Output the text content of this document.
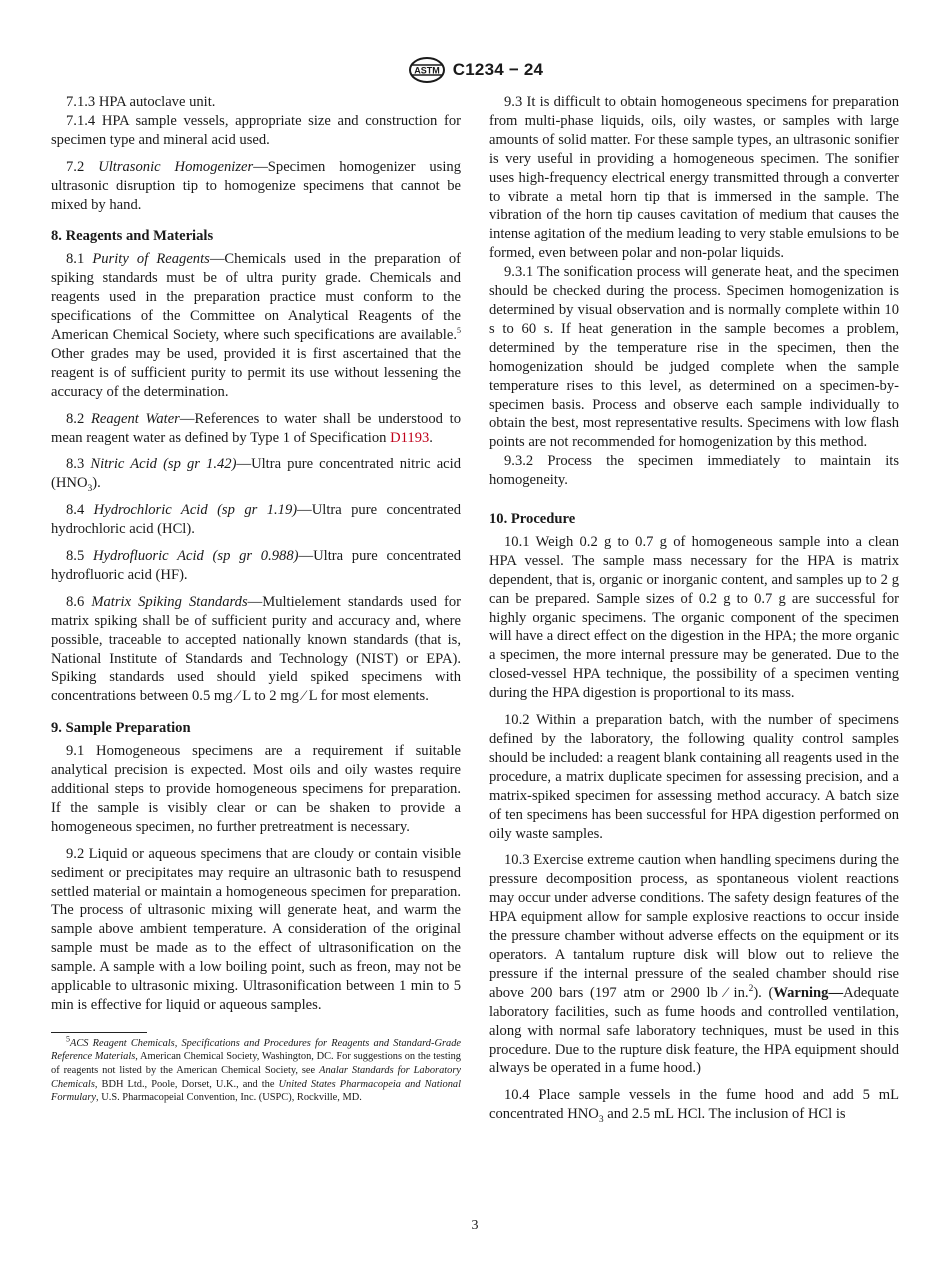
ASTM C1234 − 24

7.1.3 HPA autoclave unit.

7.1.4 HPA sample vessels, appropriate size and construction for specimen type and mineral acid used.

7.2 Ultrasonic Homogenizer—Specimen homogenizer using ultrasonic disruption tip to homogenize specimens that cannot be mixed by hand.

8. Reagents and Materials

8.1 Purity of Reagents—Chemicals used in the preparation of spiking standards must be of ultra purity grade. Chemicals and reagents used in the preparation practice must conform to the specifications of the Committee on Analytical Reagents of the American Chemical Society, where such specifications are available.$^5$ Other grades may be used, provided it is first ascertained that the reagent is of sufficient purity to permit its use without lessening the accuracy of the determination.

8.2 Reagent Water—References to water shall be understood to mean reagent water as defined by Type 1 of Specification D1193.

8.3 Nitric Acid (sp gr 1.42)—Ultra pure concentrated nitric acid $(HNO_3)$.

8.4 Hydrochloric Acid (sp gr 1.19)—Ultra pure concentrated hydrochloric acid (HCl).

8.5 Hydrofluoric Acid (sp gr 0.988)—Ultra pure concentrated hydrofluoric acid (HF).

8.6 Matrix Spiking Standards—Multielement standards used for matrix spiking shall be of sufficient purity and accuracy and, where possible, traceable to accepted nationally known standards (that is, National Institute of Standards and Technology (NIST) or EPA). Spiking standards used should yield spiked specimens with concentrations between 0.5 mg ⁄ L to 2 mg ⁄ L for most elements.

9. Sample Preparation

9.1 Homogeneous specimens are a requirement if suitable analytical precision is expected. Most oils and oily wastes require additional steps to provide homogeneous specimens for preparation. If the sample is visibly clear or can be shaken to provide a homogeneous specimen, no further pretreatment is necessary.

9.2 Liquid or aqueous specimens that are cloudy or contain visible sediment or precipitates may require an ultrasonic bath to resuspend settled material or maintain a homogeneous specimen for preparation. The process of ultrasonic mixing will generate heat, and warm the sample above ambient temperature. A consideration of the original sample must be made as to the effect of ultrasonification on the sample. A sample with a low boiling point, such as freon, may not be applicable to ultrasonic mixing. Ultrasonification between 1 min to 5 min is effective for liquid or aqueous samples.

$^5$ACS Reagent Chemicals, Specifications and Procedures for Reagents and Standard-Grade Reference Materials, American Chemical Society, Washington, DC. For suggestions on the testing of reagents not listed by the American Chemical Society, see Analar Standards for Laboratory Chemicals, BDH Ltd., Poole, Dorset, U.K., and the United States Pharmacopeia and National Formulary, U.S. Pharmacopeial Convention, Inc. (USPC), Rockville, MD.

9.3 It is difficult to obtain homogeneous specimens for preparation from multi-phase liquids, oils, oily wastes, or samples with large amounts of solid matter. For these sample types, an ultrasonic sonifier is very useful in providing a homogeneous specimen. The sonifier uses high-frequency electrical energy transmitted through a converter to vibrate a metal horn tip that is immersed in the sample. The vibration of the horn tip causes cavitation of medium that causes the intense agitation of the medium leading to very stable emulsions to be formed, even between polar and non-polar liquids.

9.3.1 The sonification process will generate heat, and the specimen should be checked during the process. Specimen homogenization is determined by visual observation and is normally complete within 10 s to 60 s. If heat generation in the sample becomes a problem, determined by the temperature rise in the specimen, then the homogenization should be judged complete when the sample temperature rises to this level, as determined on a specimen-by-specimen basis. Process and observe each sample individually to obtain the best, most representative results. Specimens with low flash points are not recommended for homogenization by this method.

9.3.2 Process the specimen immediately to maintain its homogeneity.

10. Procedure

10.1 Weigh 0.2 g to 0.7 g of homogeneous sample into a clean HPA vessel. The sample mass necessary for the HPA is matrix dependent, that is, organic or inorganic content, and samples up to 2 g can be prepared. Sample sizes of 0.2 g to 0.7 g are successful for highly organic specimens. The organic component of the specimen will have a direct effect on the digestion in the HPA; the more organic a specimen, the more internal pressure may be generated. Due to the closed-vessel HPA technique, the possibility of a specimen venting during the HPA digestion is proportional to its mass.

10.2 Within a preparation batch, with the number of specimens defined by the laboratory, the following quality control samples should be included: a reagent blank containing all reagents used in the procedure, a matrix duplicate specimen for assessing precision, and a matrix-spiked specimen for assessing method accuracy. A batch size of ten specimens has been successful for HPA digestion performed on oily waste samples.

10.3 Exercise extreme caution when handling specimens during the pressure decomposition process, as spontaneous violent reactions may occur under adverse conditions. The safety design features of the HPA equipment allow for sample explosive reactions to occur inside the pressure chamber without adverse effects on the equipment or its operators. A tantalum rupture disk will blow out to relieve the pressure if the internal pressure of the sealed chamber should rise above 200 bars (197 atm or 2900 lb ⁄ in.$^2$). (Warning—Adequate laboratory facilities, such as fume hoods and controlled ventilation, along with normal safe laboratory techniques, must be used in this procedure. Due to the rupture disk feature, the HPA equipment should always be operated in a fume hood.)

10.4 Place sample vessels in the fume hood and add 5 mL concentrated $HNO_3$ and 2.5 mL HCl. The inclusion of HCl is

3
